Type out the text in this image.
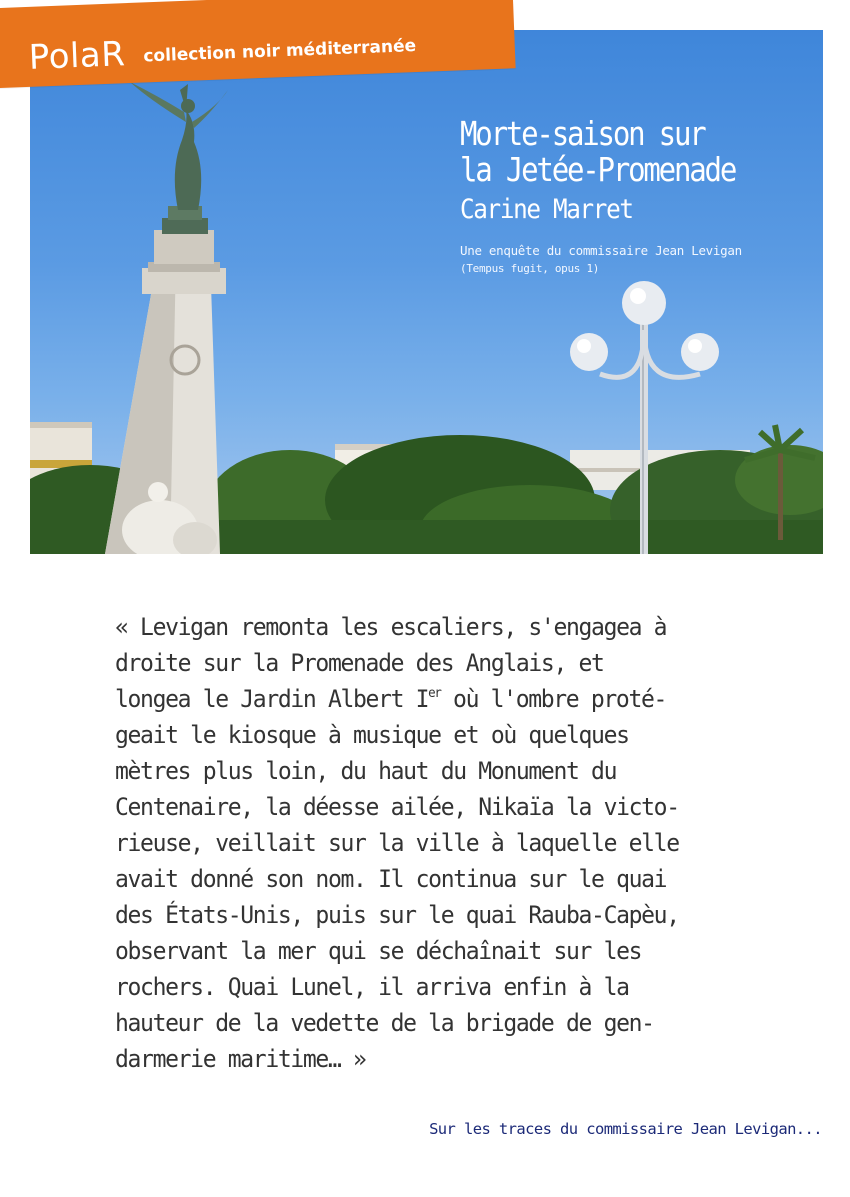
Morte-saison sur
la Jetée-Promenade
Carine Marret
Une enquête du commissaire Jean Levigan
(Tempus fugit, opus 1)
PolaR collection noir méditerranée

« Levigan remonta les escaliers, s'engagea à
droite sur la Promenade des Anglais, et
longea le Jardin Albert Ier où l'ombre proté-
geait le kiosque à musique et où quelques
mètres plus loin, du haut du Monument du
Centenaire, la déesse ailée, Nikaïa la victo-
rieuse, veillait sur la ville à laquelle elle
avait donné son nom. Il continua sur le quai
des États-Unis, puis sur le quai Rauba-Capèu,
observant la mer qui se déchaînait sur les
rochers. Quai Lunel, il arriva enfin à la
hauteur de la vedette de la brigade de gen-
darmerie maritime… »

Sur les traces du commissaire Jean Levigan...
